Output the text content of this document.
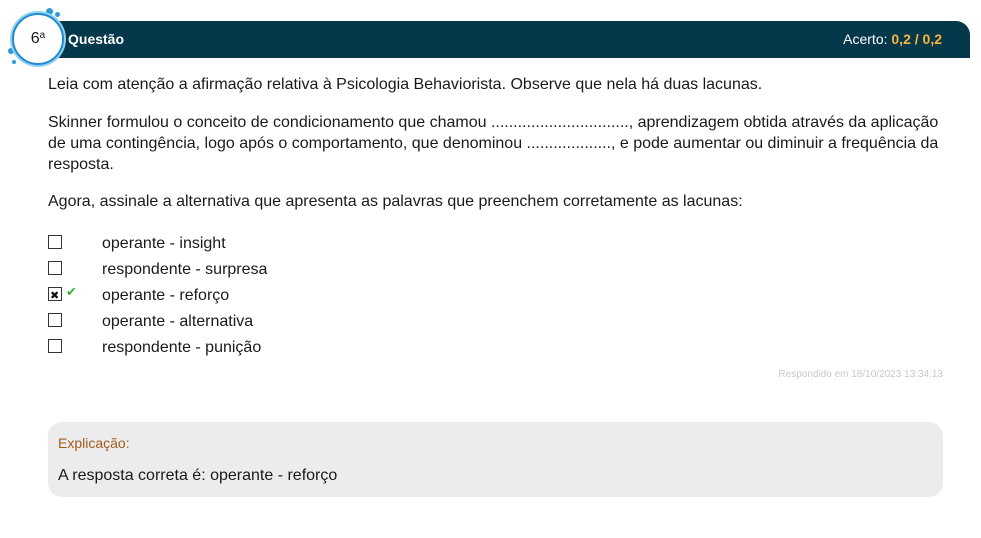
Questão	Acerto: 0,2 / 0,2
6$^a$
Leia com atenção a afirmação relativa à Psicologia Behaviorista. Observe que nela há duas lacunas.
Skinner formulou o conceito de condicionamento que chamou ..............................., aprendizagem obtida através da aplicação de uma contingência, logo após o comportamento, que denominou ..................., e pode aumentar ou diminuir a frequência da resposta.
Agora, assinale a alternativa que apresenta as palavras que preenchem corretamente as lacunas:
operante - insight
respondente - surpresa
✖
✔ operante - reforço
operante - alternativa
respondente - punição
Respondido em 18/10/2023 13:34:13
Explicação:
A resposta correta é: operante - reforço
